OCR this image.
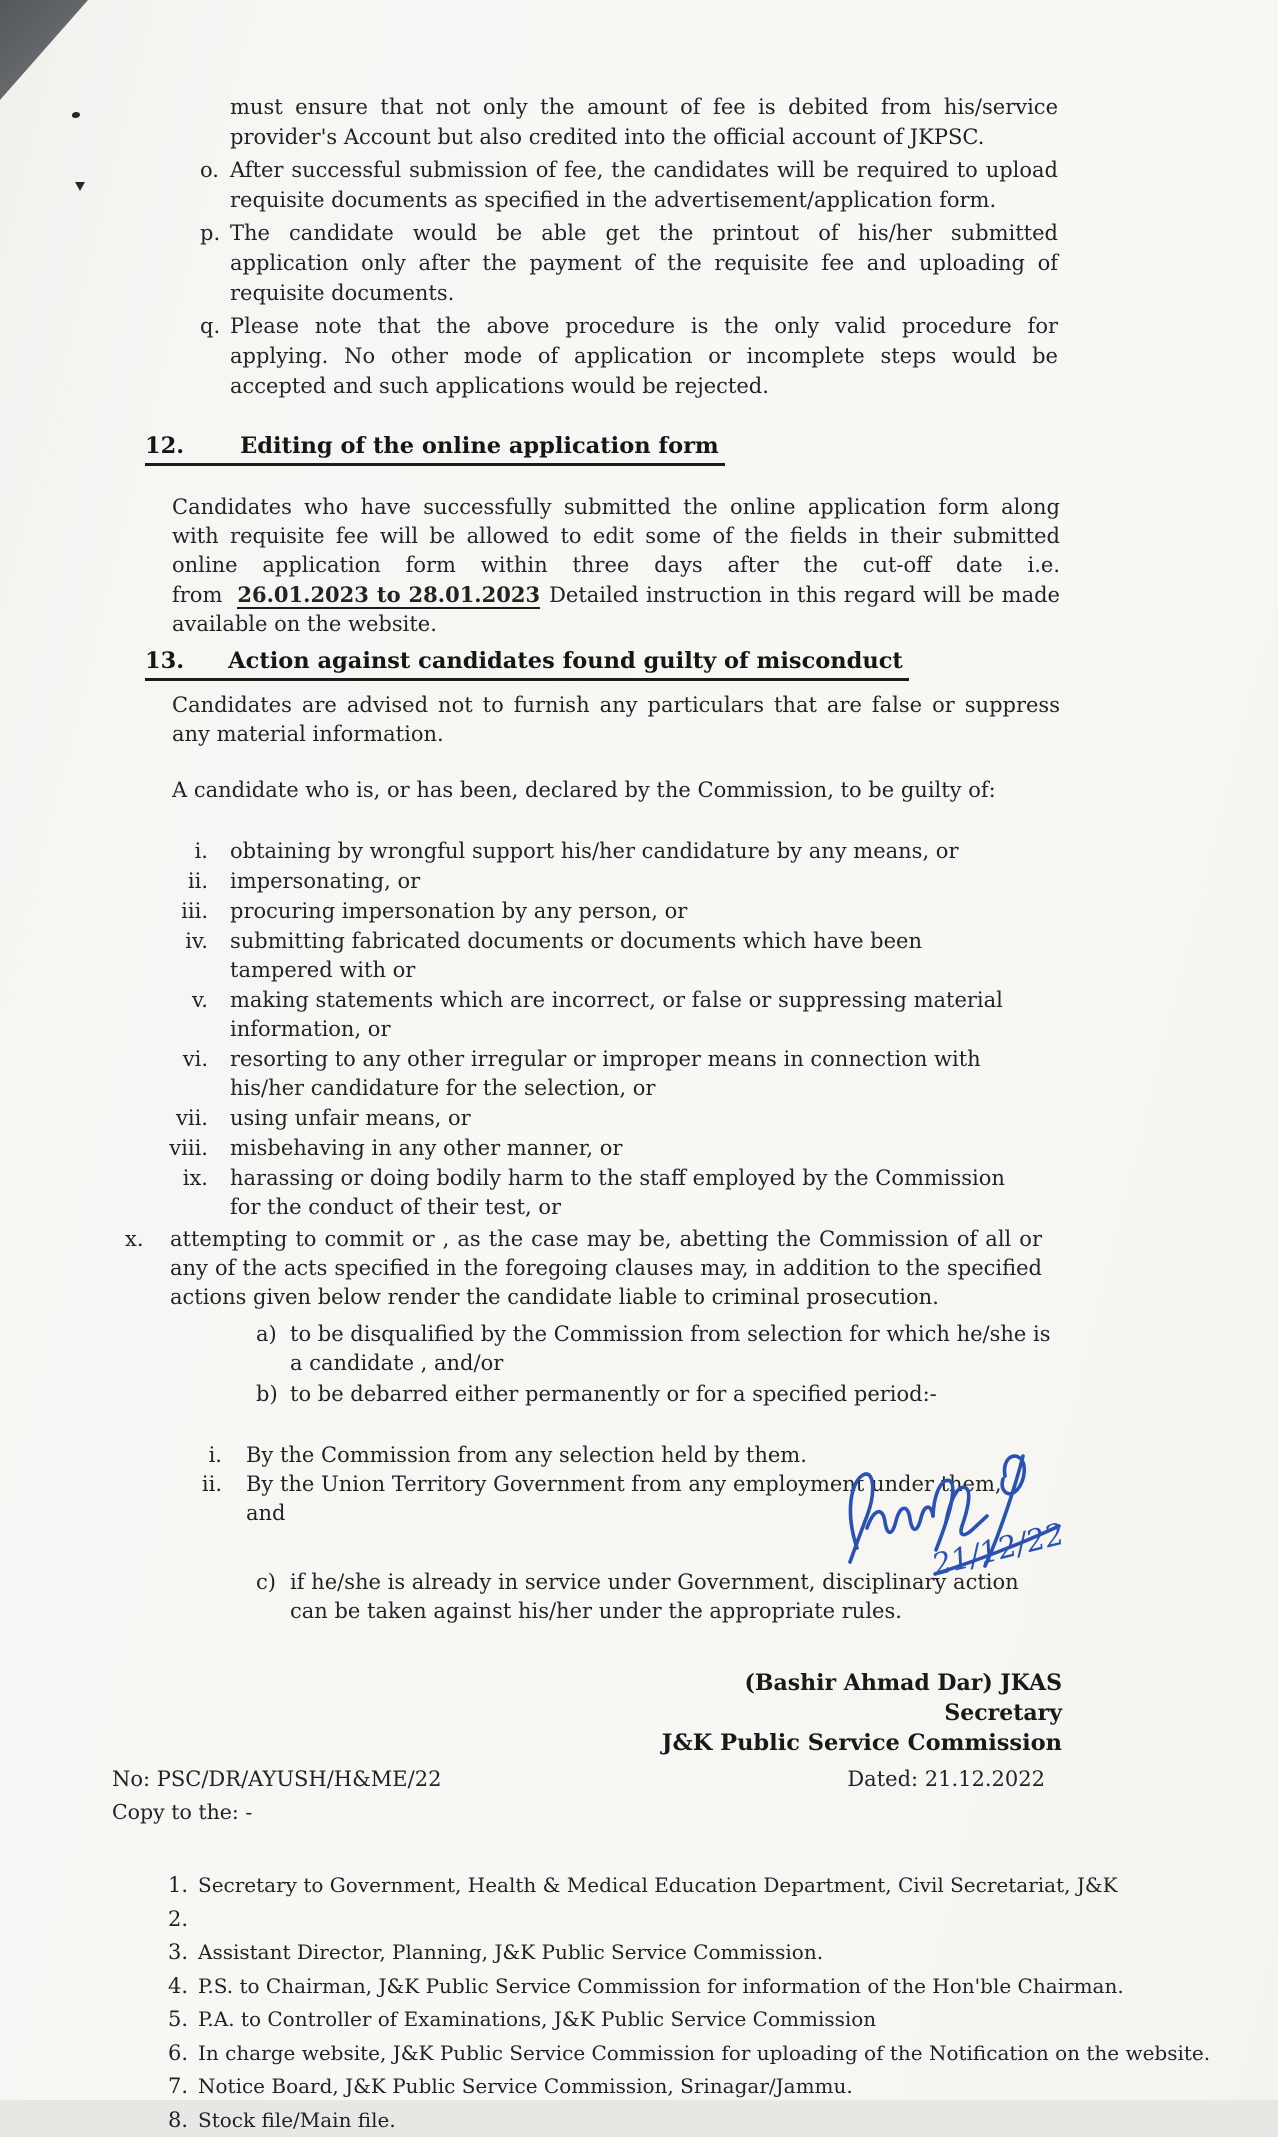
must ensure that not only the amount of fee is debited from his/service provider's Account but also credited into the official account of JKPSC.

o. After successful submission of fee, the candidates will be required to upload requisite documents as specified in the advertisement/application form.
p. The candidate would be able get the printout of his/her submitted application only after the payment of the requisite fee and uploading of requisite documents.
q. Please note that the above procedure is the only valid procedure for applying. No other mode of application or incomplete steps would be accepted and such applications would be rejected.
12. Editing of the online application form

Candidates who have successfully submitted the online application form along with requisite fee will be allowed to edit some of the fields in their submitted online application form within three days after the cut-off date i.e. from 26.01.2023 to 28.01.2023 Detailed instruction in this regard will be made available on the website.

13. Action against candidates found guilty of misconduct

Candidates are advised not to furnish any particulars that are false or suppress any material information.

A candidate who is, or has been, declared by the Commission, to be guilty of:

i. obtaining by wrongful support his/her candidature by any means, or
ii. impersonating, or
iii. procuring impersonation by any person, or
iv. submitting fabricated documents or documents which have been tampered with or
v. making statements which are incorrect, or false or suppressing material information, or
vi. resorting to any other irregular or improper means in connection with his/her candidature for the selection, or
vii. using unfair means, or
viii. misbehaving in any other manner, or
ix. harassing or doing bodily harm to the staff employed by the Commission for the conduct of their test, or
x.	attempting to commit or , as the case may be, abetting the Commission of all or any of the acts specified in the foregoing clauses may, in addition to the specified actions given below render the candidate liable to criminal prosecution.
a) to be disqualified by the Commission from selection for which he/she is a candidate , and/or
b) to be debarred either permanently or for a specified period:-
i. By the Commission from any selection held by them.
ii. By the Union Territory Government from any employment under them, and
c) if he/she is already in service under Government, disciplinary action can be taken against his/her under the appropriate rules.
(Bashir Ahmad Dar) JKAS
Secretary
J&K Public Service Commission
No: PSC/DR/AYUSH/H&ME/22	Dated: 21.12.2022
Copy to the: -
1. Secretary to Government, Health & Medical Education Department, Civil Secretariat, J&K
2.
3. Assistant Director, Planning, J&K Public Service Commission.
4. P.S. to Chairman, J&K Public Service Commission for information of the Hon'ble Chairman.
5. P.A. to Controller of Examinations, J&K Public Service Commission
6. In charge website, J&K Public Service Commission for uploading of the Notification on the website.
7. Notice Board, J&K Public Service Commission, Srinagar/Jammu.
8. Stock file/Main file.
21/12/22
